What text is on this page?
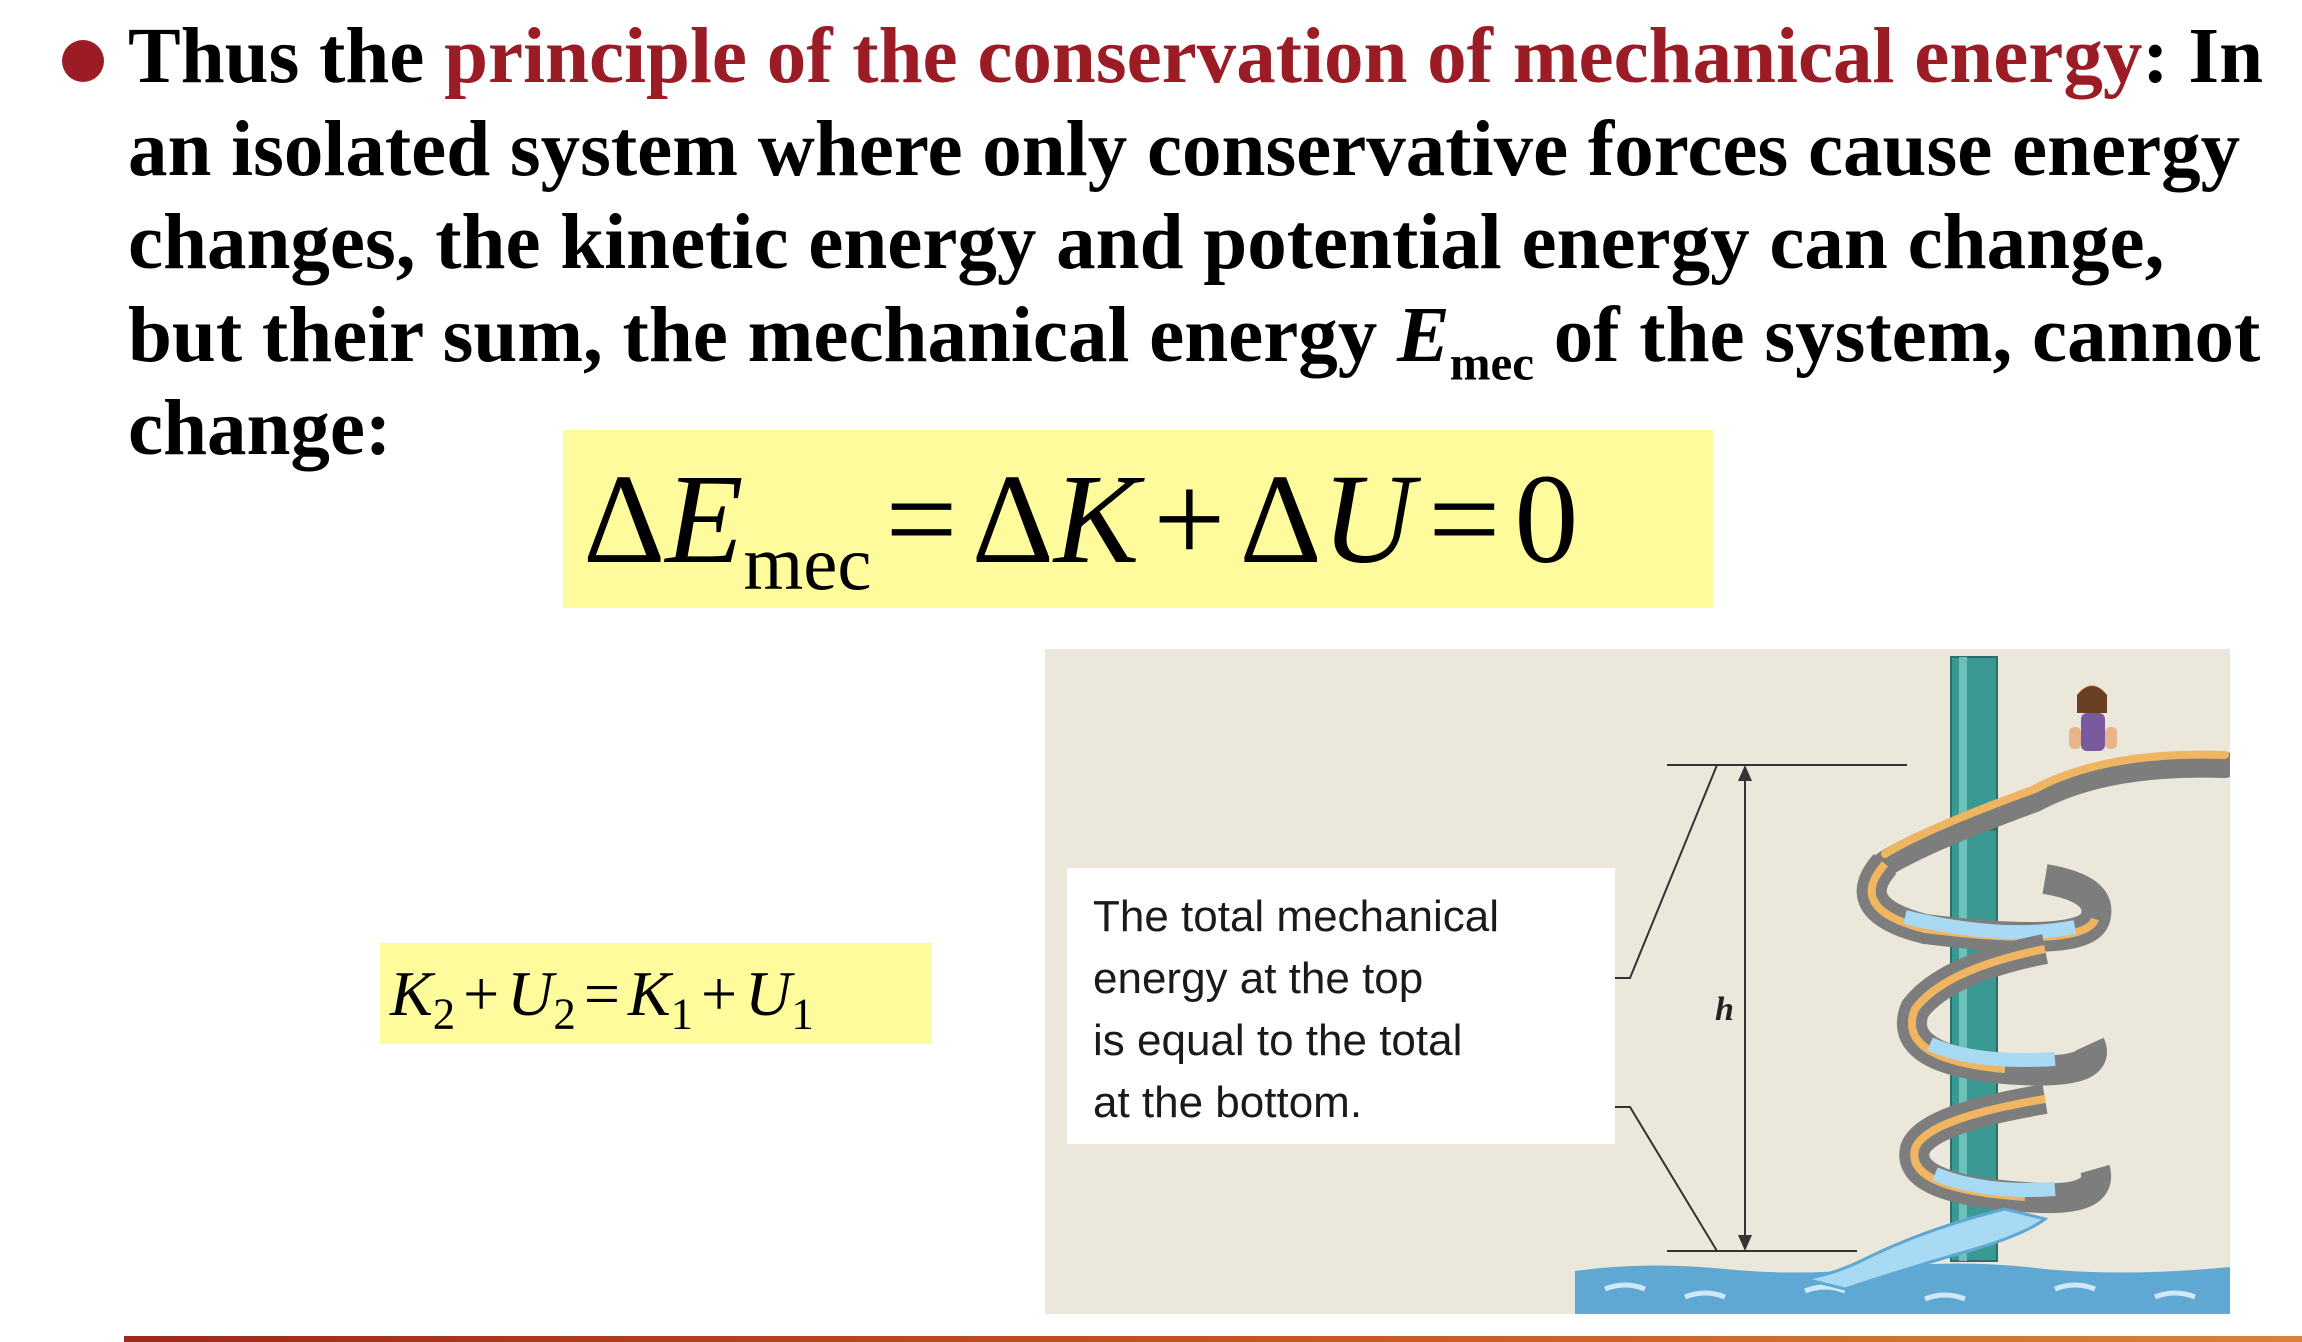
Thus the principle of the conservation of mechanical energy: In an isolated system where only conservative forces cause energy changes, the kinetic energy and potential energy can change, but their sum, the mechanical energy $E_{mec}$ of the system, cannot change:

$\Delta E_{mec} = \Delta K + \Delta U = 0$
$K_2 + U_2 = K_1 + U_1$
The total mechanical
energy at the top
is equal to the total
at the bottom.
h
